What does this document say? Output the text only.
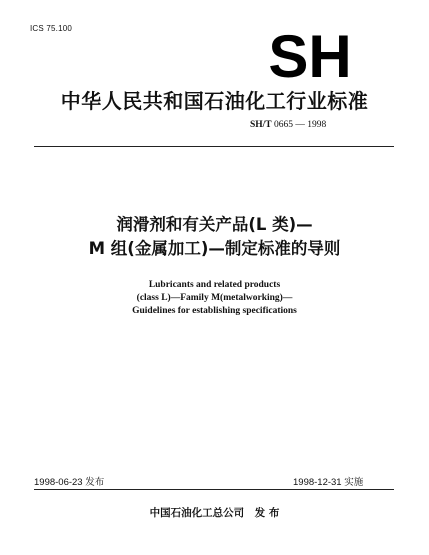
ICS 75.100	SH
中华人民共和国石油化工行业标准
SH/T 0665 — 1998
润滑剂和有关产品(L 类)—
M 组(金属加工)—制定标准的导则
Lubricants and related products
(class L)—Family M(metalworking)—
Guidelines for establishing specifications
1998-06-23 发布	1998-12-31 实施
中国石油化工总公司　发 布
